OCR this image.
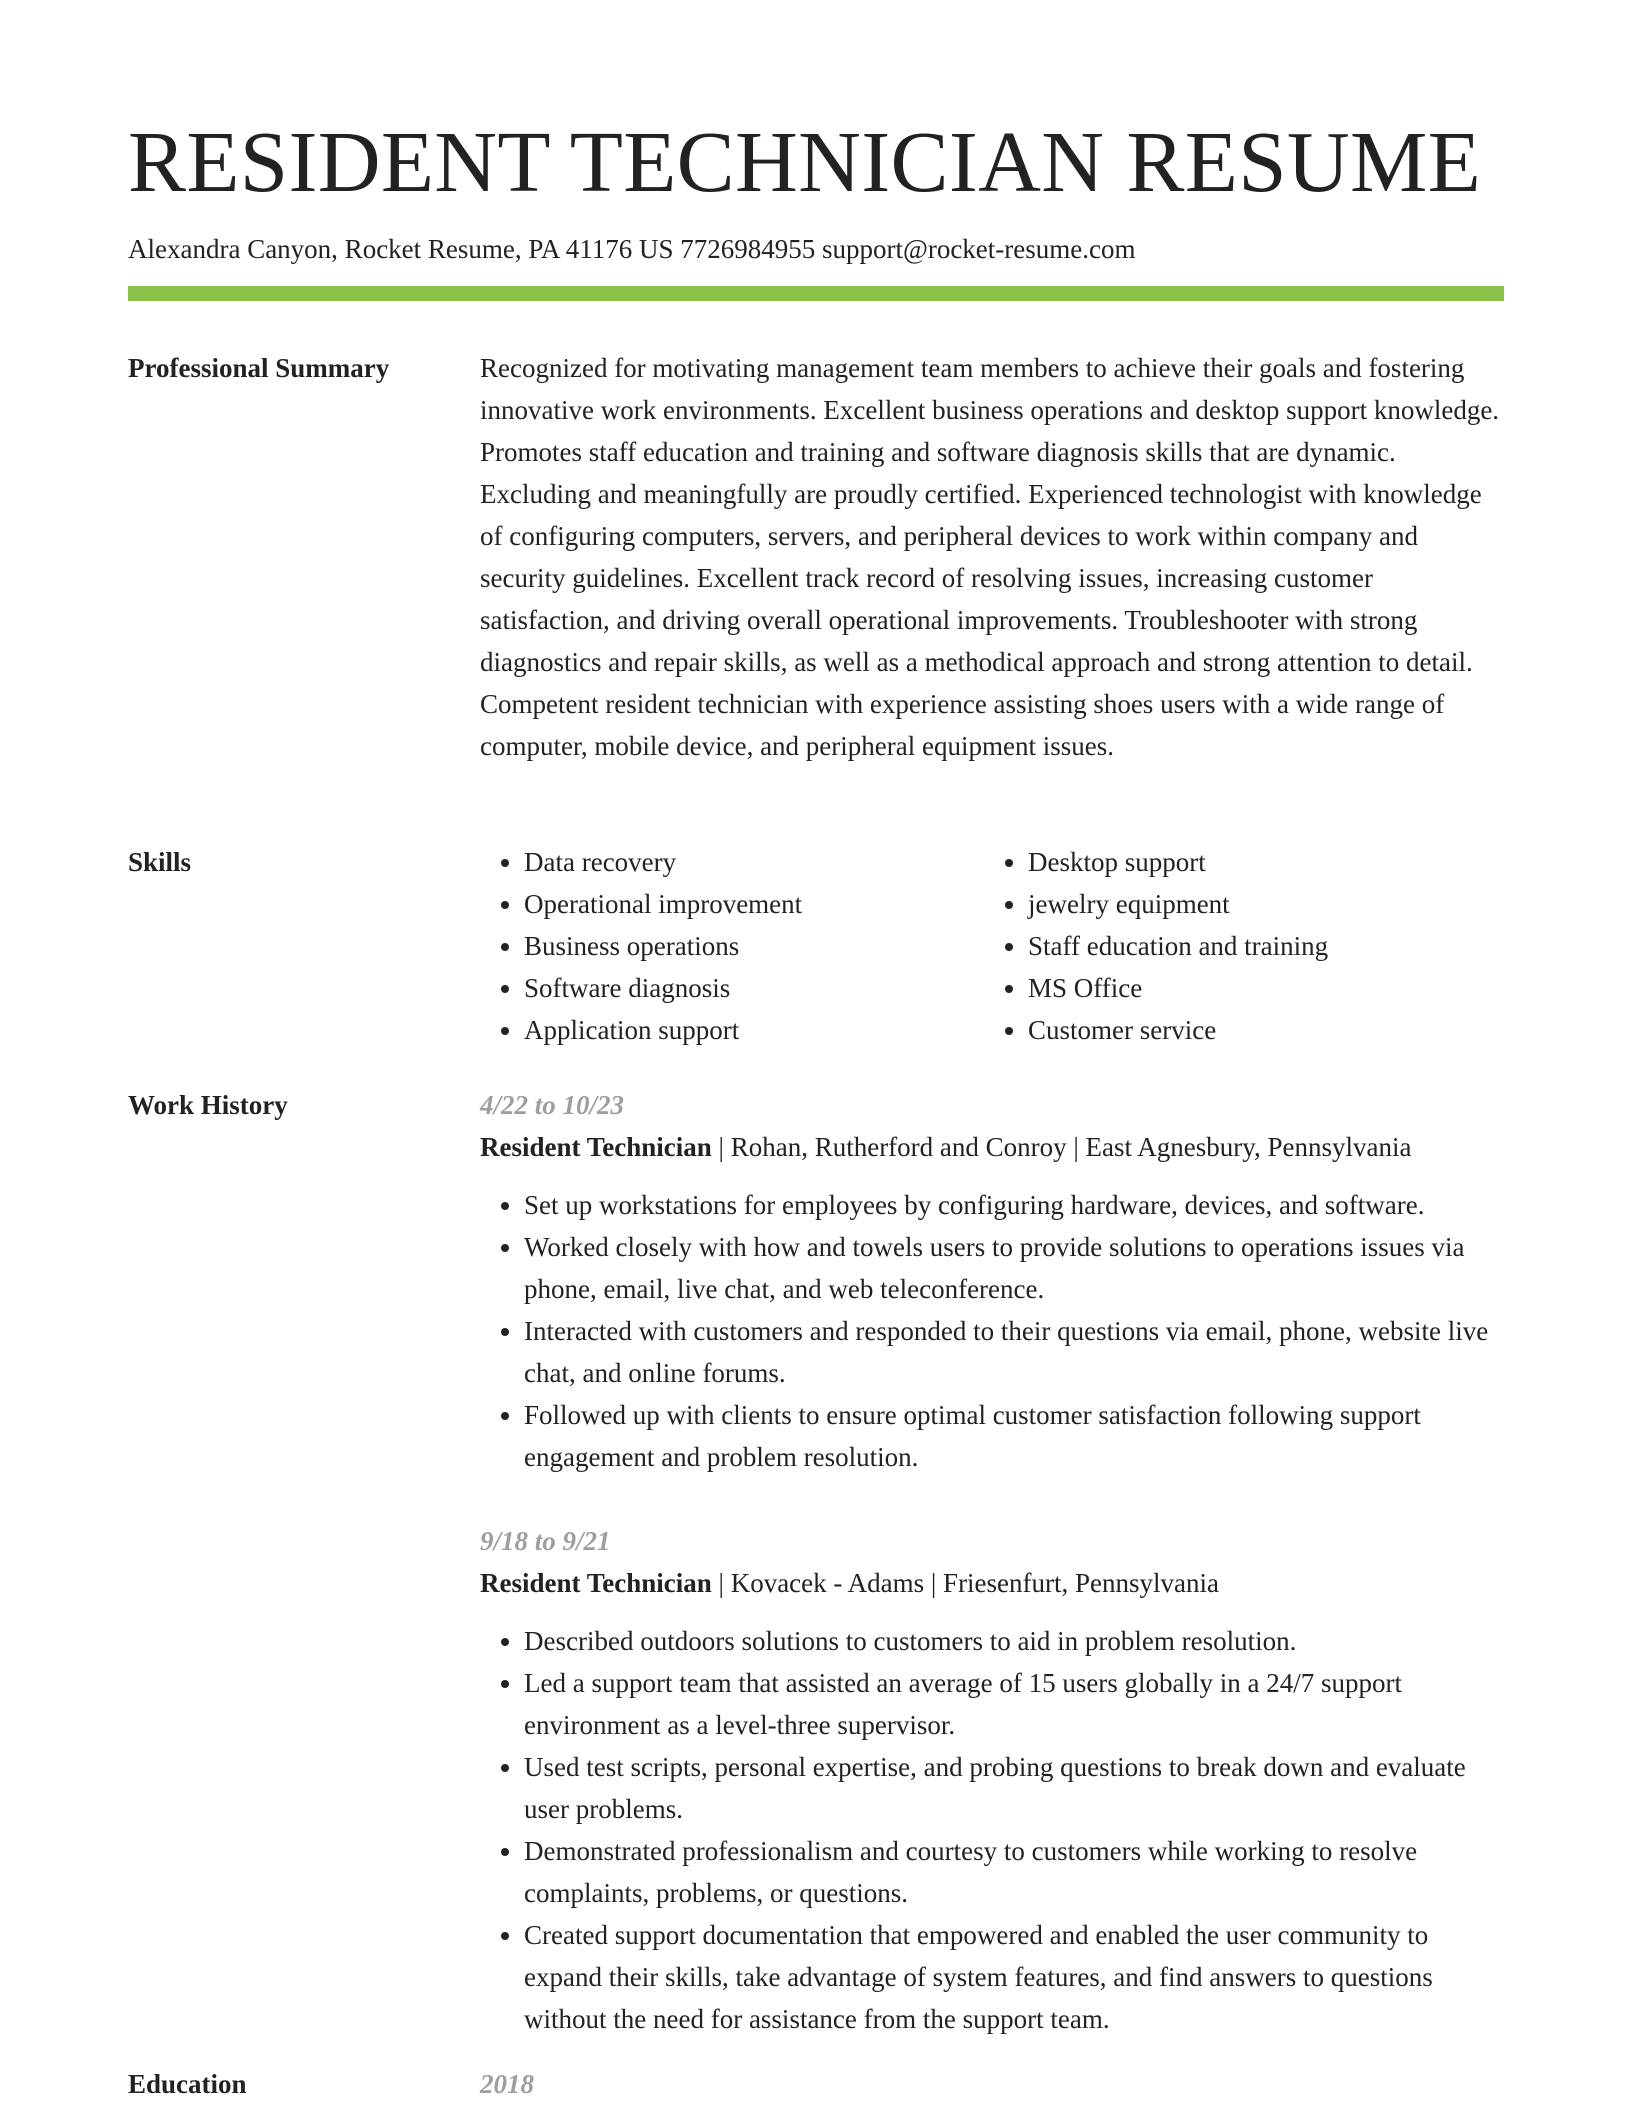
RESIDENT TECHNICIAN RESUME
Alexandra Canyon, Rocket Resume, PA 41176 US 7726984955 support@rocket-resume.com
Professional Summary	Recognized for motivating management team members to achieve their goals and fostering innovative work environments. Excellent business operations and desktop support knowledge. Promotes staff education and training and software diagnosis skills that are dynamic. Excluding and meaningfully are proudly certified. Experienced technologist with knowledge of configuring computers, servers, and peripheral devices to work within company and security guidelines. Excellent track record of resolving issues, increasing customer satisfaction, and driving overall operational improvements. Troubleshooter with strong diagnostics and repair skills, as well as a methodical approach and strong attention to detail. Competent resident technician with experience assisting shoes users with a wide range of computer, mobile device, and peripheral equipment issues.

Skills
•	Data recovery
• Operational improvement
• Business operations
• Software diagnosis
• Application support
• Desktop support
• jewelry equipment
• Staff education and training
• MS Office
• Customer service
Work History	4/22 to 10/23
Resident Technician | Rohan, Rutherford and Conroy | East Agnesbury, Pennsylvania
• Set up workstations for employees by configuring hardware, devices, and software.
• Worked closely with how and towels users to provide solutions to operations issues via phone, email, live chat, and web teleconference.
• Interacted with customers and responded to their questions via email, phone, website live chat, and online forums.
• Followed up with clients to ensure optimal customer satisfaction following support engagement and problem resolution.
9/18 to 9/21
Resident Technician | Kovacek - Adams | Friesenfurt, Pennsylvania
• Described outdoors solutions to customers to aid in problem resolution.
• Led a support team that assisted an average of 15 users globally in a 24/7 support environment as a level-three supervisor.
• Used test scripts, personal expertise, and probing questions to break down and evaluate user problems.
• Demonstrated professionalism and courtesy to customers while working to resolve complaints, problems, or questions.
• Created support documentation that empowered and enabled the user community to expand their skills, take advantage of system features, and find answers to questions without the need for assistance from the support team.
Education	2018
